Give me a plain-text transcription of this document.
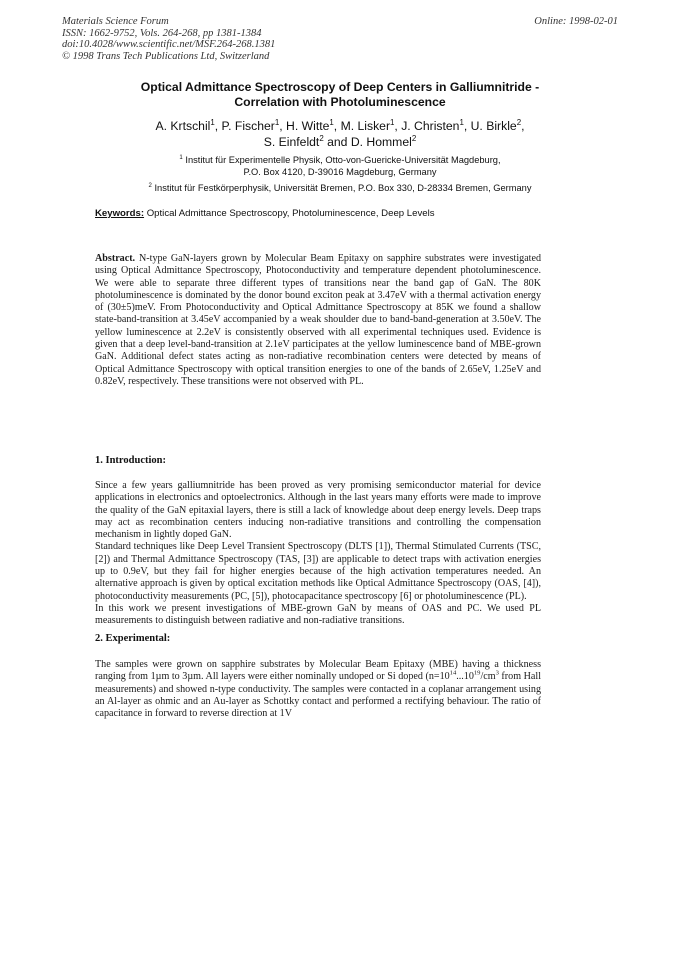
Materials Science Forum
ISSN: 1662-9752, Vols. 264-268, pp 1381-1384
doi:10.4028/www.scientific.net/MSF.264-268.1381
© 1998 Trans Tech Publications Ltd, Switzerland
Online: 1998-02-01
Optical Admittance Spectroscopy of Deep Centers in Galliumnitride -
Correlation with Photoluminescence
A. Krtschil$^1$, P. Fischer$^1$, H. Witte$^1$, M. Lisker$^1$, J. Christen$^1$, U. Birkle$^2$,
S. Einfeldt$^2$ and D. Hommel$^2$
$^1$ Institut für Experimentelle Physik, Otto-von-Guericke-Universität Magdeburg,
P.O. Box 4120, D-39016 Magdeburg, Germany
$^2$ Institut für Festkörperphysik, Universität Bremen, P.O. Box 330, D-28334 Bremen, Germany
Keywords: Optical Admittance Spectroscopy, Photoluminescence, Deep Levels

Abstract. N-type GaN-layers grown by Molecular Beam Epitaxy on sapphire substrates were investigated using Optical Admittance Spectroscopy, Photoconductivity and temperature dependent photoluminescence. We were able to separate three different types of transitions near the band gap of GaN. The 80K photoluminescence is dominated by the donor bound exciton peak at 3.47eV with a thermal activation energy of (30±5)meV. From Photoconductivity and Optical Admittance Spectroscopy at 85K we found a shallow state-band-transition at 3.45eV accompanied by a weak shoulder due to band-band-generation at 3.50eV. The yellow luminescence at 2.2eV is consistently observed with all experimental techniques used. Evidence is given that a deep level-band-transition at 2.1eV participates at the yellow luminescence band of MBE-grown GaN. Additional defect states acting as non-radiative recombination centers were detected by means of Optical Admittance Spectroscopy with optical transition energies to one of the bands of 2.65eV, 1.25eV and 0.82eV, respectively. These transitions were not observed with PL.

1. Introduction:

Since a few years galliumnitride has been proved as very promising semiconductor material for device applications in electronics and optoelectronics. Although in the last years many efforts were made to improve the quality of the GaN epitaxial layers, there is still a lack of knowledge about deep energy levels. Deep traps may act as recombination centers inducing non-radiative transitions and controlling the compensation mechanism in lightly doped GaN.

Standard techniques like Deep Level Transient Spectroscopy (DLTS [1]), Thermal Stimulated Currents (TSC, [2]) and Thermal Admittance Spectroscopy (TAS, [3]) are applicable to detect traps with activation energies up to 0.9eV, but they fail for higher energies because of the high activation temperatures needed. An alternative approach is given by optical excitation methods like Optical Admittance Spectroscopy (OAS, [4]), photoconductivity measurements (PC, [5]), photocapacitance spectroscopy [6] or photoluminescence (PL).

In this work we present investigations of MBE-grown GaN by means of OAS and PC. We used PL measurements to distinguish between radiative and non-radiative transitions.

2. Experimental:

The samples were grown on sapphire substrates by Molecular Beam Epitaxy (MBE) having a thickness ranging from 1µm to 3µm. All layers were either nominally undoped or Si doped ($n=10^{14}...10^{19}/cm^3$ from Hall measurements) and showed n-type conductivity. The samples were contacted in a coplanar arrangement using an Al-layer as ohmic and an Au-layer as Schottky contact and performed a rectifying behaviour. The ratio of capacitance in forward to reverse direction at 1V
